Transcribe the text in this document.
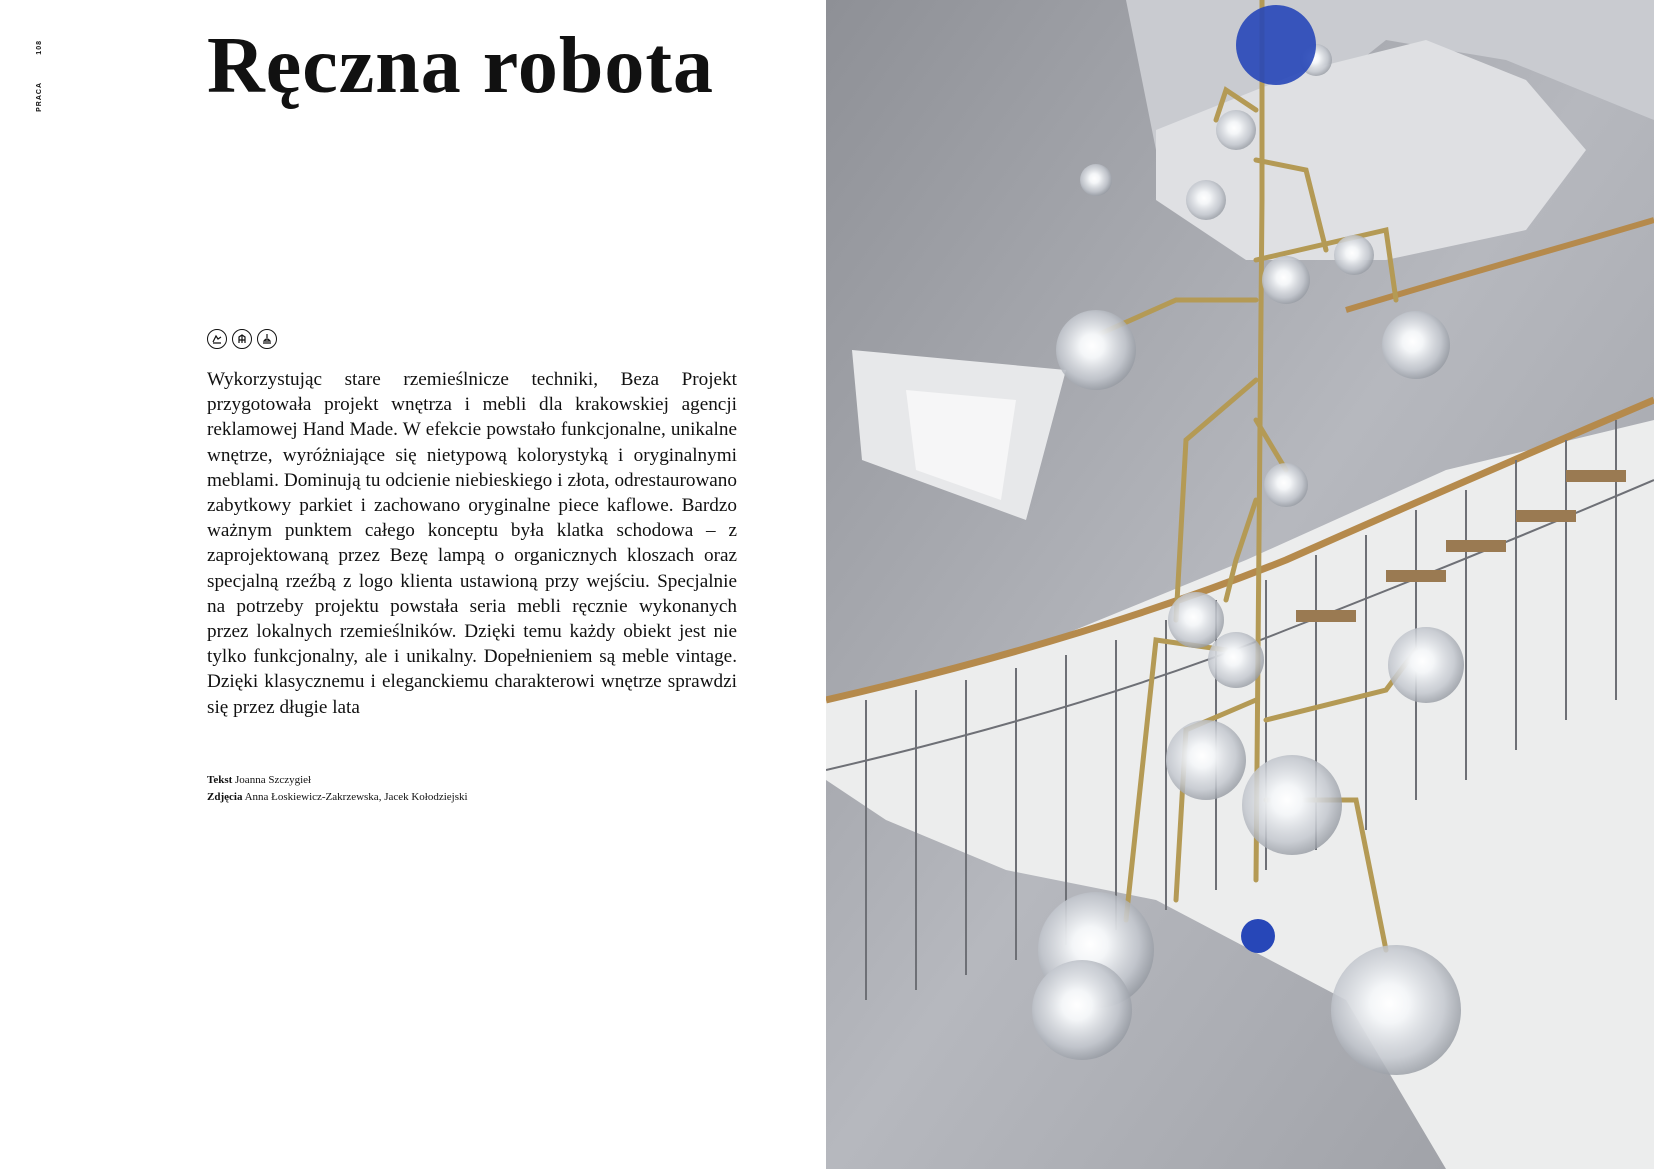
108
PRACA Ręczna robota

Wykorzystując stare rzemieślnicze techniki, Beza Projekt przygotowała projekt wnętrza i mebli dla krakowskiej agencji reklamowej Hand Made. W efekcie powstało funkcjonalne, unikalne wnętrze, wyróżniające się nietypową kolorystyką i oryginalnymi meblami. Dominują tu odcienie niebieskiego i złota, odrestaurowano zabytkowy parkiet i zachowano oryginalne piece kaflowe. Bardzo ważnym punktem całego konceptu była klatka schodowa – z zaprojektowaną przez Bezę lampą o organicznych kloszach oraz specjalną rzeźbą z logo klienta ustawioną przy wejściu. Specjalnie na potrzeby projektu powstała seria mebli ręcznie wykonanych przez lokalnych rzemieślników. Dzięki temu każdy obiekt jest nie tylko funkcjonalny, ale i unikalny. Dopełnieniem są meble vintage. Dzięki klasycznemu i eleganckiemu charakterowi wnętrze sprawdzi się przez długie lata

Tekst Joanna Szczygieł
Zdjęcia Anna Łoskiewicz-Zakrzewska, Jacek Kołodziejski
